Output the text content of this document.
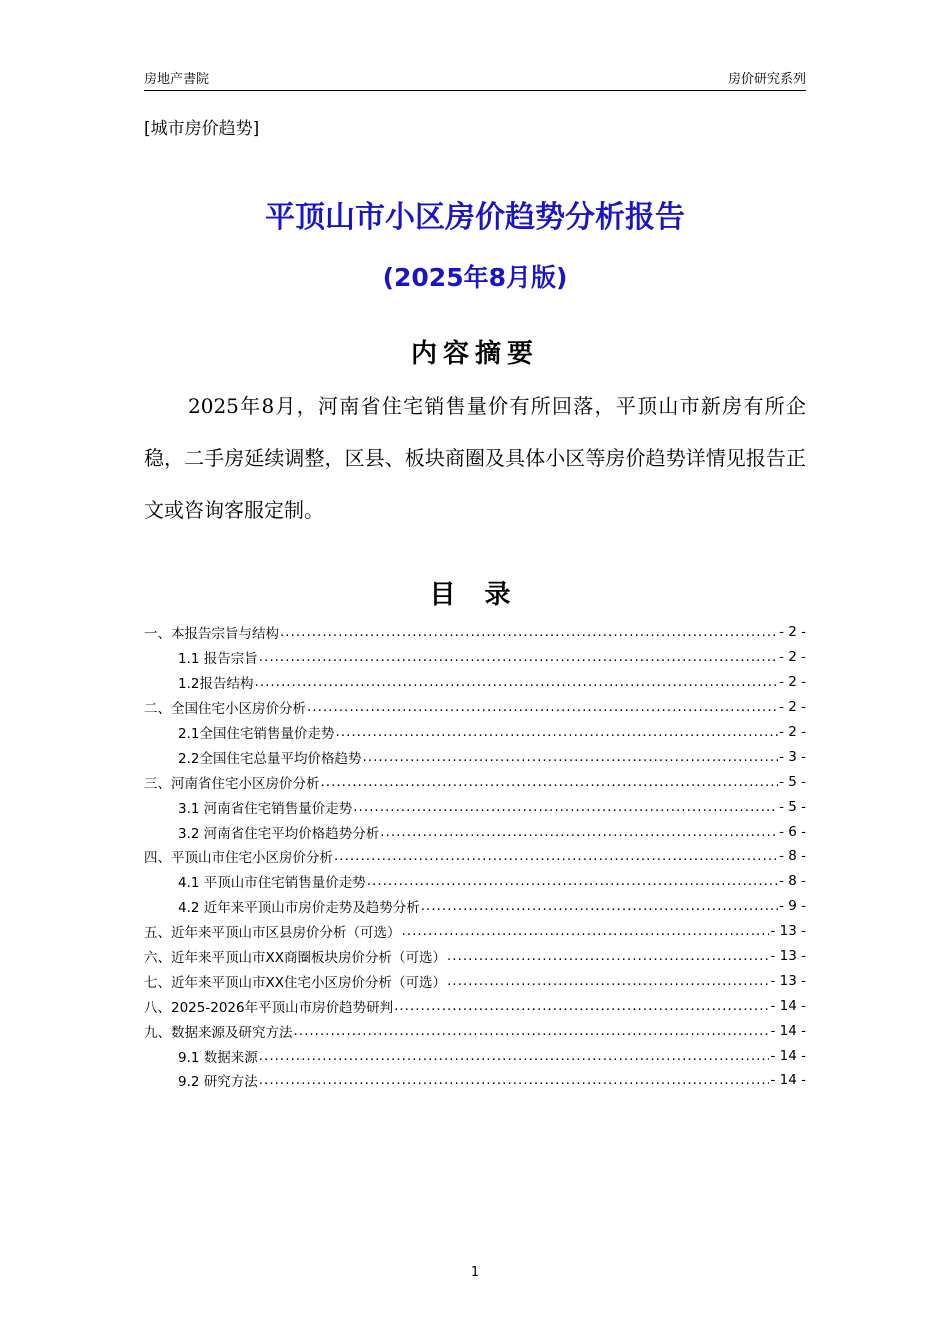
房地产書院	房价研究系列
[城市房价趋势]
平顶山市小区房价趋势分析报告
(2025年8月版)
内容摘要
2025年8月，河南省住宅销售量价有所回落，平顶山市新房有所企稳，二手房延续调整，区县、板块商圈及具体小区等房价趋势详情见报告正文或咨询客服定制。
目 录
一、本报告宗旨与结构 .....	- 2 -
1.1 报告宗旨 .....	- 2 -
1.2报告结构 .....	- 2 -
二、全国住宅小区房价分析 .....	- 2 -
2.1全国住宅销售量价走势 .....	- 2 -
2.2全国住宅总量平均价格趋势 .....	- 3 -
三、河南省住宅小区房价分析 .....	- 5 -
3.1 河南省住宅销售量价走势 .....	- 5 -
3.2 河南省住宅平均价格趋势分析 .....	- 6 -
四、平顶山市住宅小区房价分析 .....	- 8 -
4.1 平顶山市住宅销售量价走势 .....	- 8 -
4.2 近年来平顶山市房价走势及趋势分析 .....	- 9 -
五、近年来平顶山市区县房价分析（可选） .....	- 13 -
六、近年来平顶山市XX商圈板块房价分析（可选） .....	- 13 -
七、近年来平顶山市XX住宅小区房价分析（可选） .....	- 13 -
八、2025-2026年平顶山市房价趋势研判 .....	- 14 -
九、数据来源及研究方法 .....	- 14 -
9.1 数据来源 .....	- 14 -
9.2 研究方法 .....	- 14 -
1
